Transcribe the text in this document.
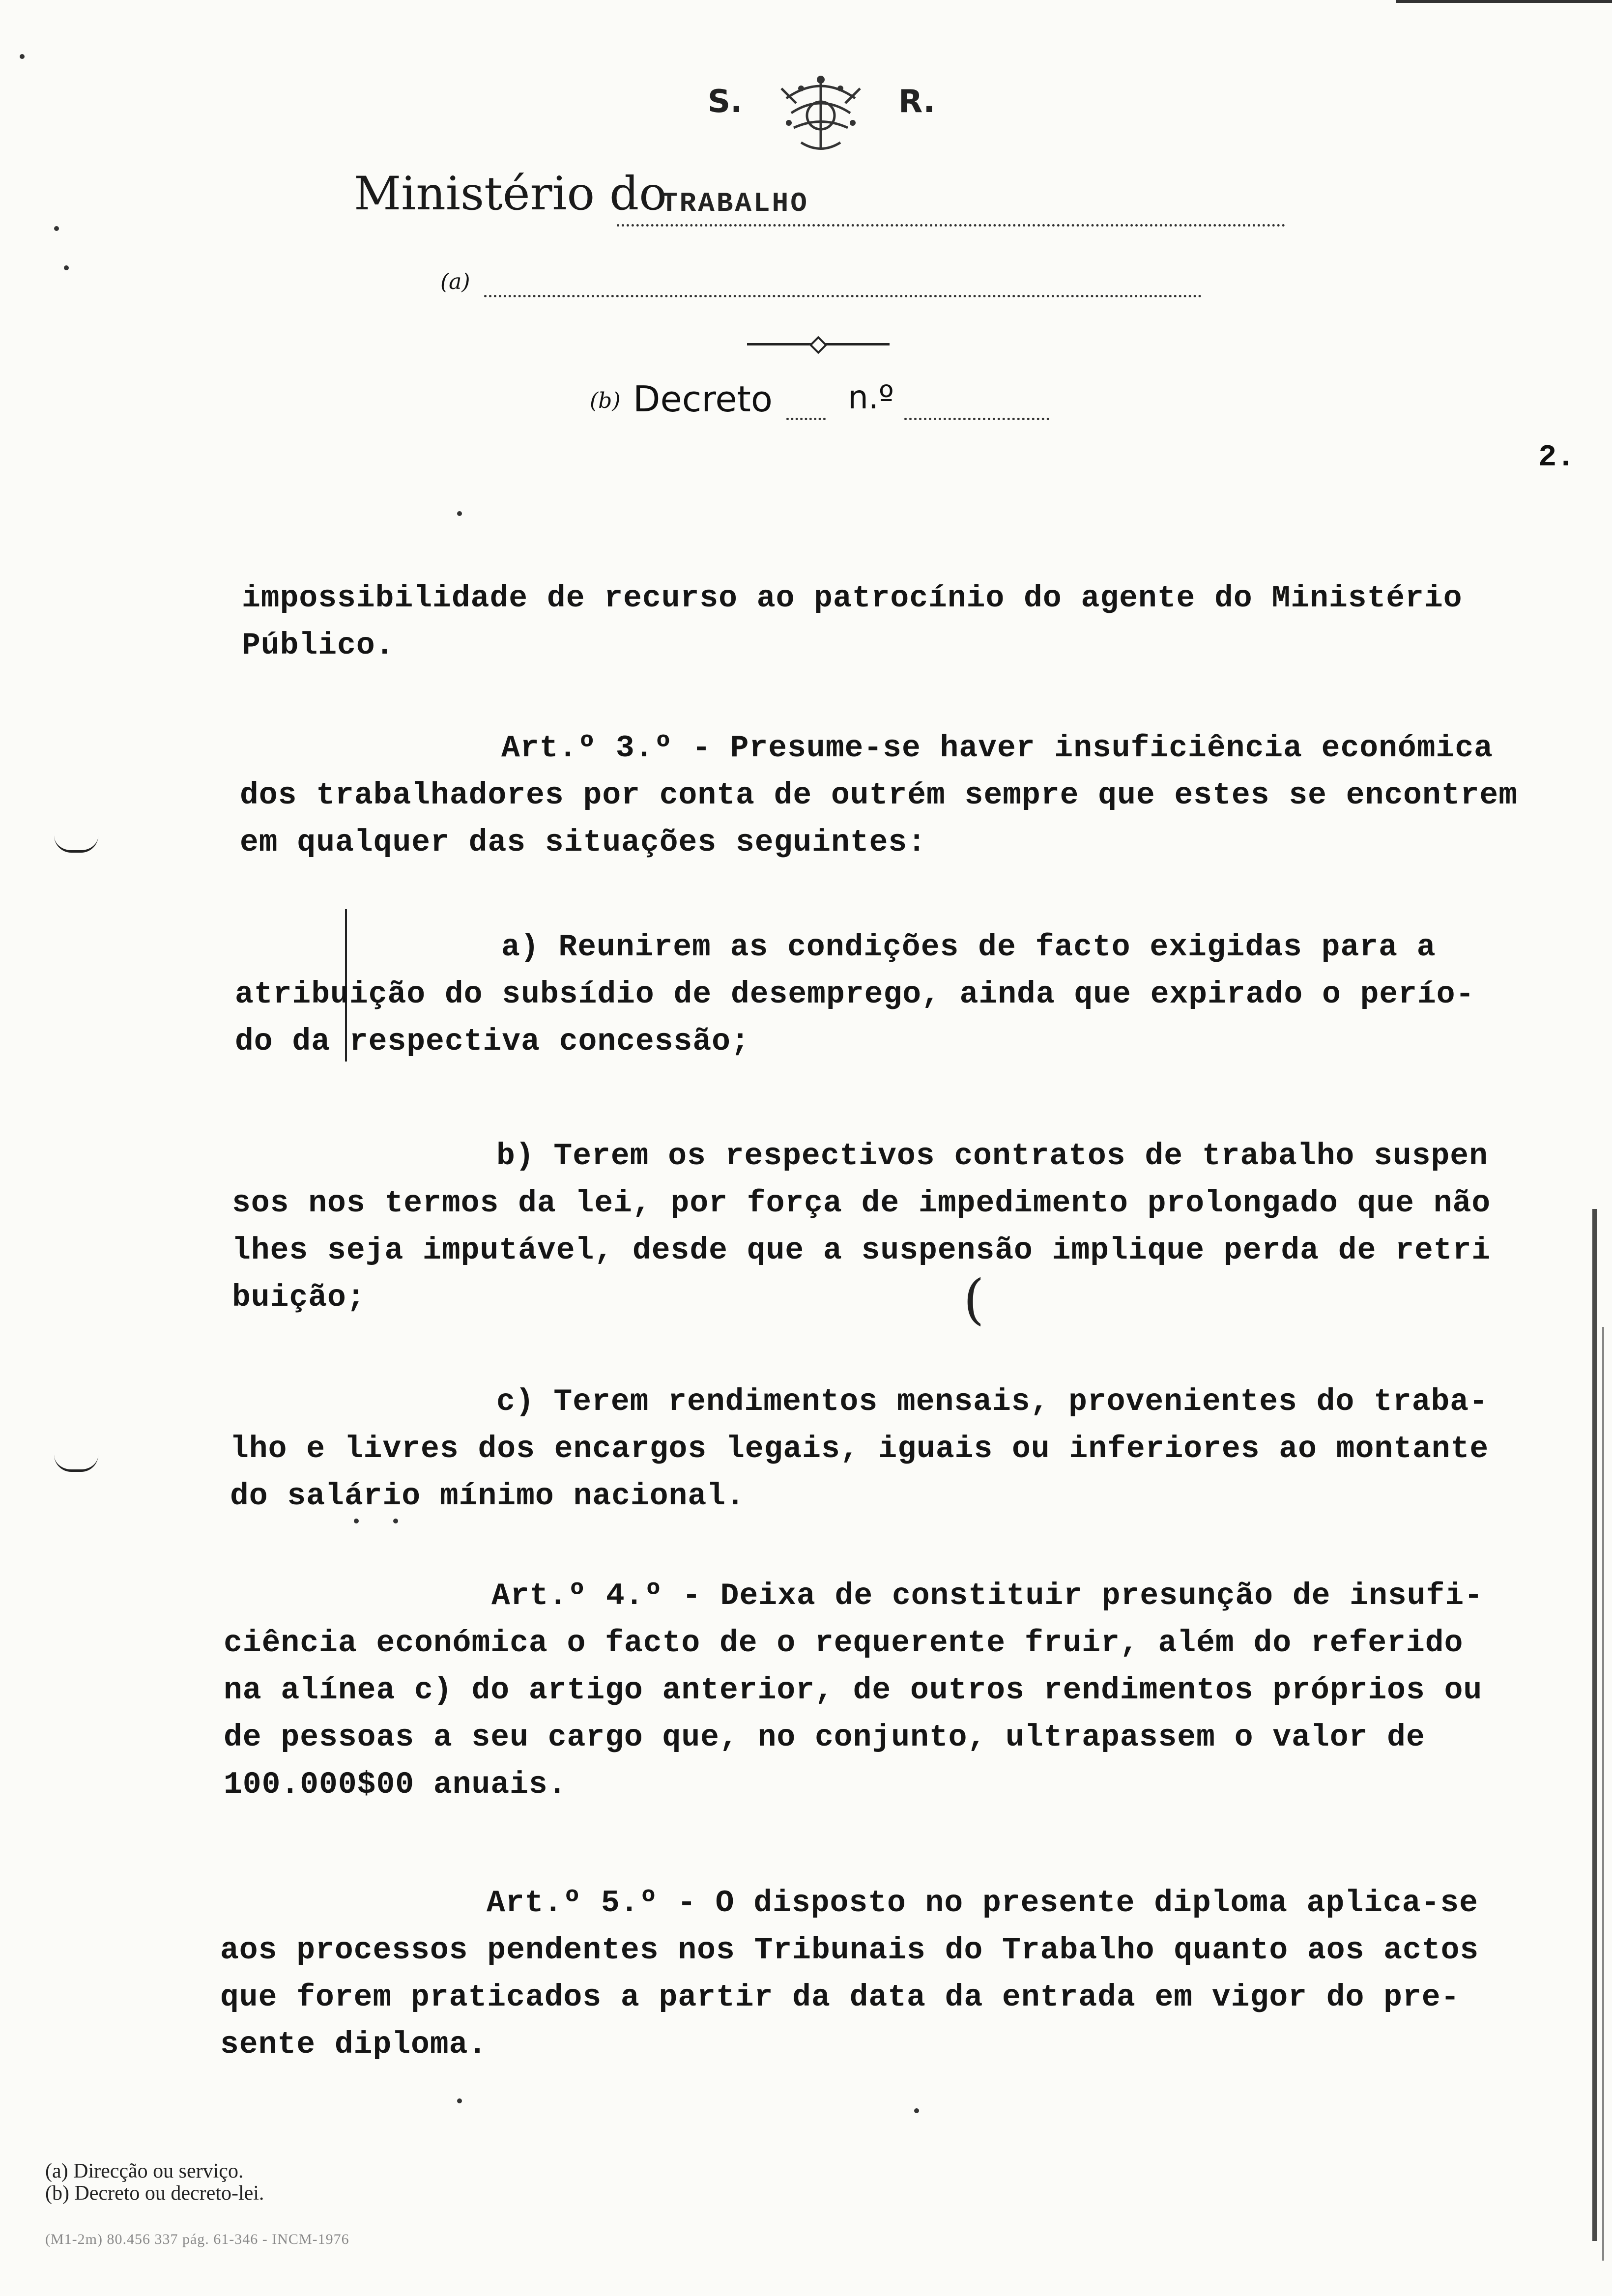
S.	R.
Ministério do
TRABALHO
(a)
(b) Decreto n.º
2.
impossibilidade de recurso ao patrocínio do agente do Ministério
Público.
Art.º 3.º - Presume-se haver insuficiência económica
dos trabalhadores por conta de outrém sempre que estes se encontrem
em qualquer das situações seguintes:
a) Reunirem as condições de facto exigidas para a
atribuição do subsídio de desemprego, ainda que expirado o perío-
do da respectiva concessão;
b) Terem os respectivos contratos de trabalho suspen
sos nos termos da lei, por força de impedimento prolongado que não
lhes seja imputável, desde que a suspensão implique perda de retri
buição;	(
c) Terem rendimentos mensais, provenientes do traba-
lho e livres dos encargos legais, iguais ou inferiores ao montante
do salário mínimo nacional.
Art.º 4.º - Deixa de constituir presunção de insufi-
ciência económica o facto de o requerente fruir, além do referido
na alínea c) do artigo anterior, de outros rendimentos próprios ou
de pessoas a seu cargo que, no conjunto, ultrapassem o valor de
100.000$00 anuais.
Art.º 5.º - O disposto no presente diploma aplica-se
aos processos pendentes nos Tribunais do Trabalho quanto aos actos
que forem praticados a partir da data da entrada em vigor do pre-
sente diploma.
(a) Direcção ou serviço.
(b) Decreto ou decreto-lei.
(M1-2m) 80.456 337 pág. 61-346 - INCM-1976
